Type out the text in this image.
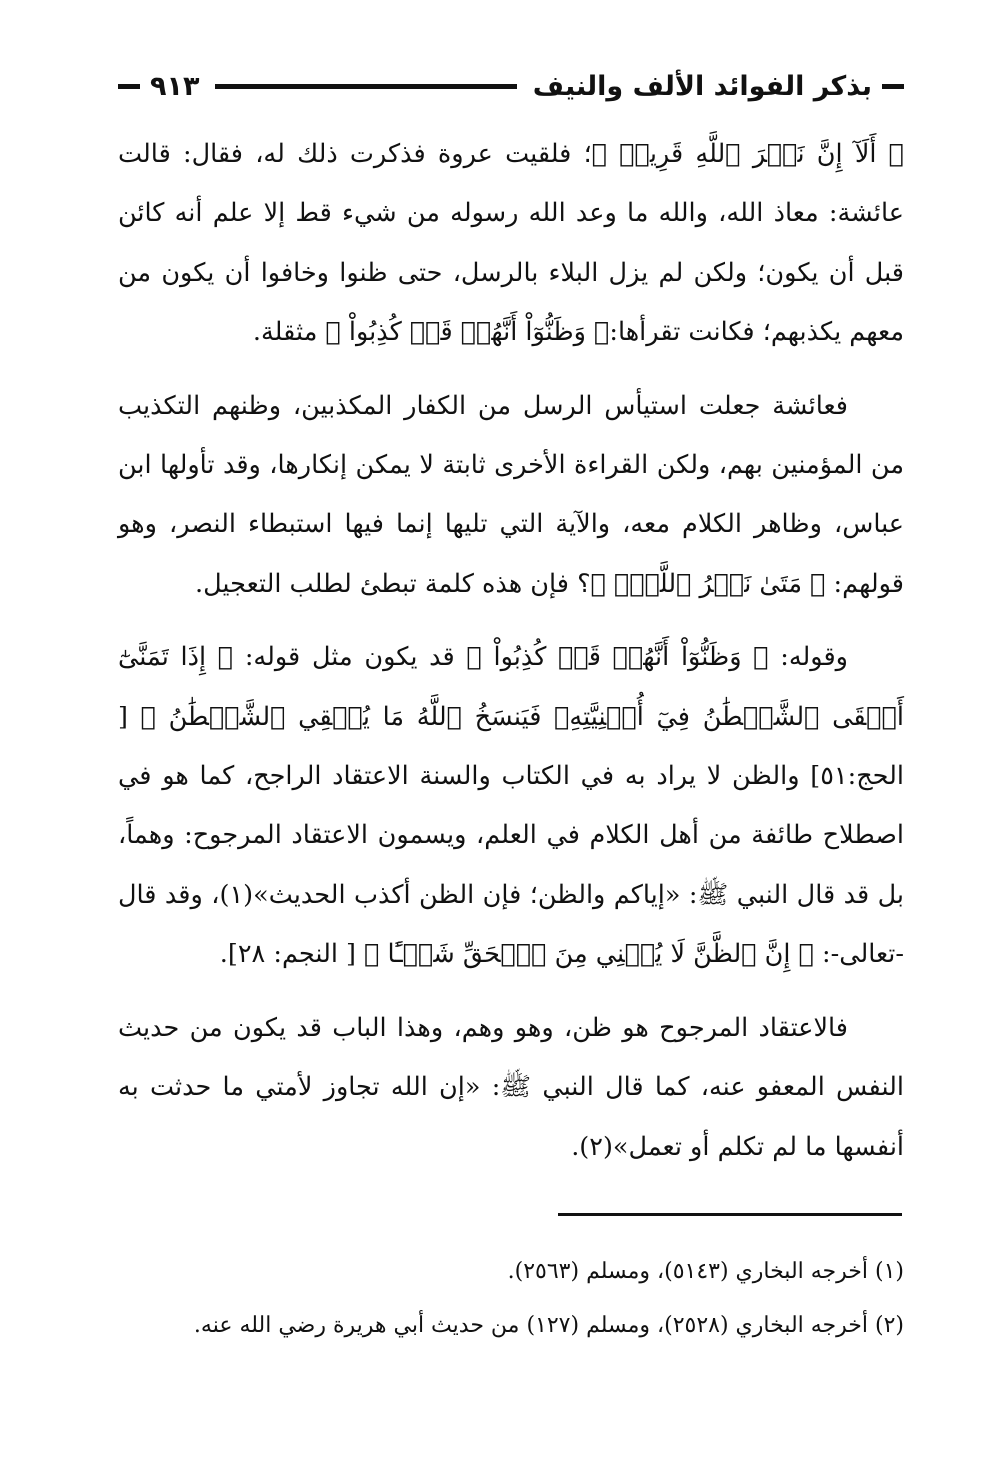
بذكر الفوائد الألف والنيف
٩١٣

﴿ أَلَآ إِنَّ نَصۡرَ ٱللَّهِ قَرِيبٞ ﴾؛ فلقيت عروة فذكرت ذلك له، فقال: قالت عائشة: معاذ الله، والله ما وعد الله رسوله من شيء قط إلا علم أنه كائن قبل أن يكون؛ ولكن لم يزل البلاء بالرسل، حتى ظنوا وخافوا أن يكون من معهم يكذبهم؛ فكانت تقرأها:﴿ وَظَنُّوٓاْ أَنَّهُمۡ قَدۡ كُذِبُواْ ﴾ مثقلة.

فعائشة جعلت استيأس الرسل من الكفار المكذبين، وظنهم التكذيب من المؤمنين بهم، ولكن القراءة الأخرى ثابتة لا يمكن إنكارها، وقد تأولها ابن عباس، وظاهر الكلام معه، والآية التي تليها إنما فيها استبطاء النصر، وهو قولهم: ﴿ مَتَىٰ نَصۡرُ ٱللَّهِۗ ﴾؟ فإن هذه كلمة تبطئ لطلب التعجيل.

وقوله: ﴿ وَظَنُّوٓاْ أَنَّهُمۡ قَدۡ كُذِبُواْ ﴾ قد يكون مثل قوله: ﴿ إِذَا تَمَنَّىٰٓ أَلۡقَى ٱلشَّيۡطَٰنُ فِيٓ أُمۡنِيَّتِهِۦ فَيَنسَخُ ٱللَّهُ مَا يُلۡقِي ٱلشَّيۡطَٰنُ ﴾ [ الحج:٥١] والظن لا يراد به في الكتاب والسنة الاعتقاد الراجح، كما هو في اصطلاح طائفة من أهل الكلام في العلم، ويسمون الاعتقاد المرجوح: وهماً، بل قد قال النبي ﷺ: «إياكم والظن؛ فإن الظن أكذب الحديث»(١)، وقد قال -تعالى-: ﴿ إِنَّ ٱلظَّنَّ لَا يُغۡنِي مِنَ ٱلۡحَقِّ شَيۡـًٔا ﴾ [ النجم: ٢٨].

فالاعتقاد المرجوح هو ظن، وهو وهم، وهذا الباب قد يكون من حديث النفس المعفو عنه، كما قال النبي ﷺ: «إن الله تجاوز لأمتي ما حدثت به أنفسها ما لم تكلم أو تعمل»(٢).

(١) أخرجه البخاري (٥١٤٣)، ومسلم (٢٥٦٣).
(٢) أخرجه البخاري (٢٥٢٨)، ومسلم (١٢٧) من حديث أبي هريرة رضي الله عنه.
